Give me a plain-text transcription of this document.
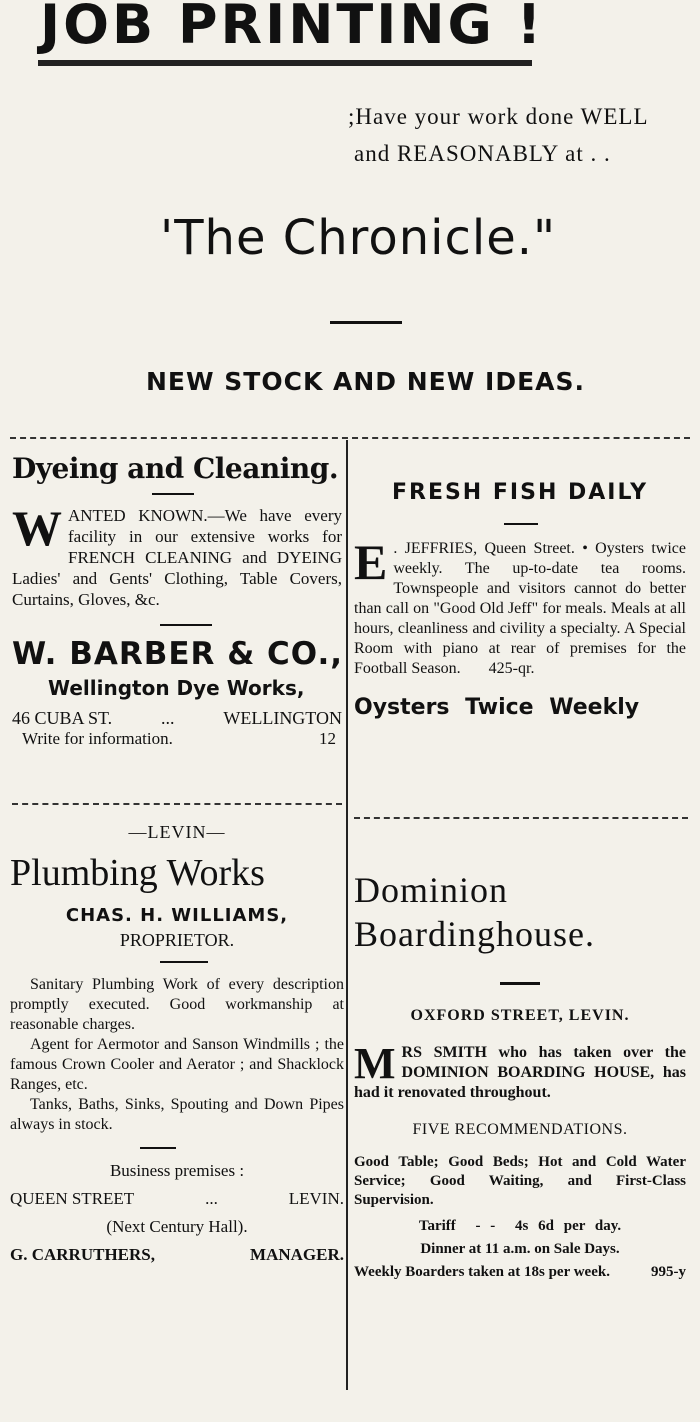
JOB PRINTING !
;Have your work done WELL
and REASONABLY at . .
'The Chronicle."
NEW STOCK AND NEW IDEAS.
Dyeing and Cleaning.
W ANTED KNOWN.—We have every facility in our extensive works for FRENCH CLEANING and DYEING Ladies' and Gents' Clothing, Table Covers, Curtains, Gloves, &c.
W. BARBER & CO.,
Wellington Dye Works,
46 CUBA ST.	...	WELLINGTON
Write for information.	12
FRESH FISH DAILY
E . JEFFRIES, Queen Street. • Oysters twice weekly. The up-to-date tea rooms. Townspeople and visitors cannot do better than call on "Good Old Jeff" for meals. Meals at all hours, cleanliness and civility a specialty. A Special Room with piano at rear of premises for the Football Season. 425-qr.
Oysters Twice Weekly
—LEVIN—
Plumbing Works
CHAS. H. WILLIAMS,
PROPRIETOR.
Sanitary Plumbing Work of every description promptly executed. Good workmanship at reasonable charges.
Agent for Aermotor and Sanson Windmills ; the famous Crown Cooler and Aerator ; and Shacklock Ranges, etc.
Tanks, Baths, Sinks, Spouting and Down Pipes always in stock.
Business premises :
QUEEN STREET	...	LEVIN.
(Next Century Hall).
G. CARRUTHERS,	MANAGER.
Dominion
Boardinghouse.
OXFORD STREET, LEVIN.
M RS SMITH who has taken over the DOMINION BOARDING HOUSE, has had it renovated throughout.
FIVE RECOMMENDATIONS.
Good Table; Good Beds; Hot and Cold Water Service; Good Waiting, and First-Class Supervision.
Tariff - - 4s 6d per day.
Dinner at 11 a.m. on Sale Days.
Weekly Boarders taken at 18s per week.	995-y
